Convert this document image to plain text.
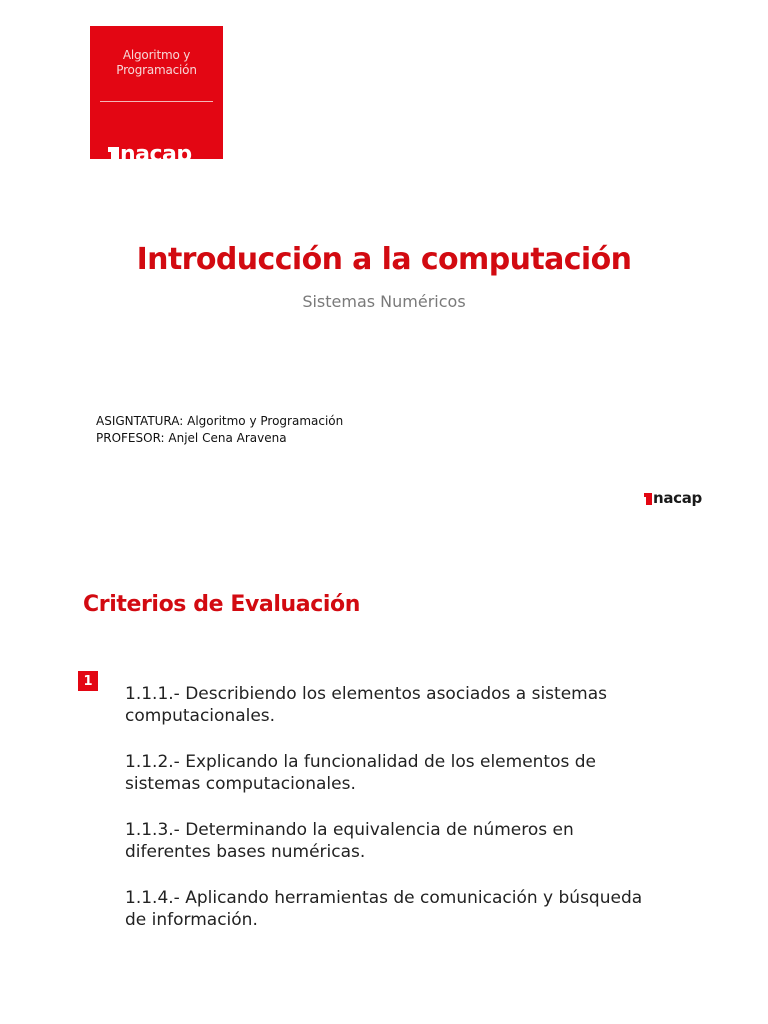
Algoritmo y
Programación
nacap
Introducción a la computación
Sistemas Numéricos
ASIGNTATURA: Algoritmo y Programación
PROFESOR: Anjel Cena Aravena
nacap
Criterios de Evaluación
1
1.1.1.- Describiendo los elementos asociados a sistemas computacionales.
1.1.2.- Explicando la funcionalidad de los elementos de sistemas computacionales.
1.1.3.- Determinando la equivalencia de números en diferentes bases numéricas.
1.1.4.- Aplicando herramientas de comunicación y búsqueda de información.
